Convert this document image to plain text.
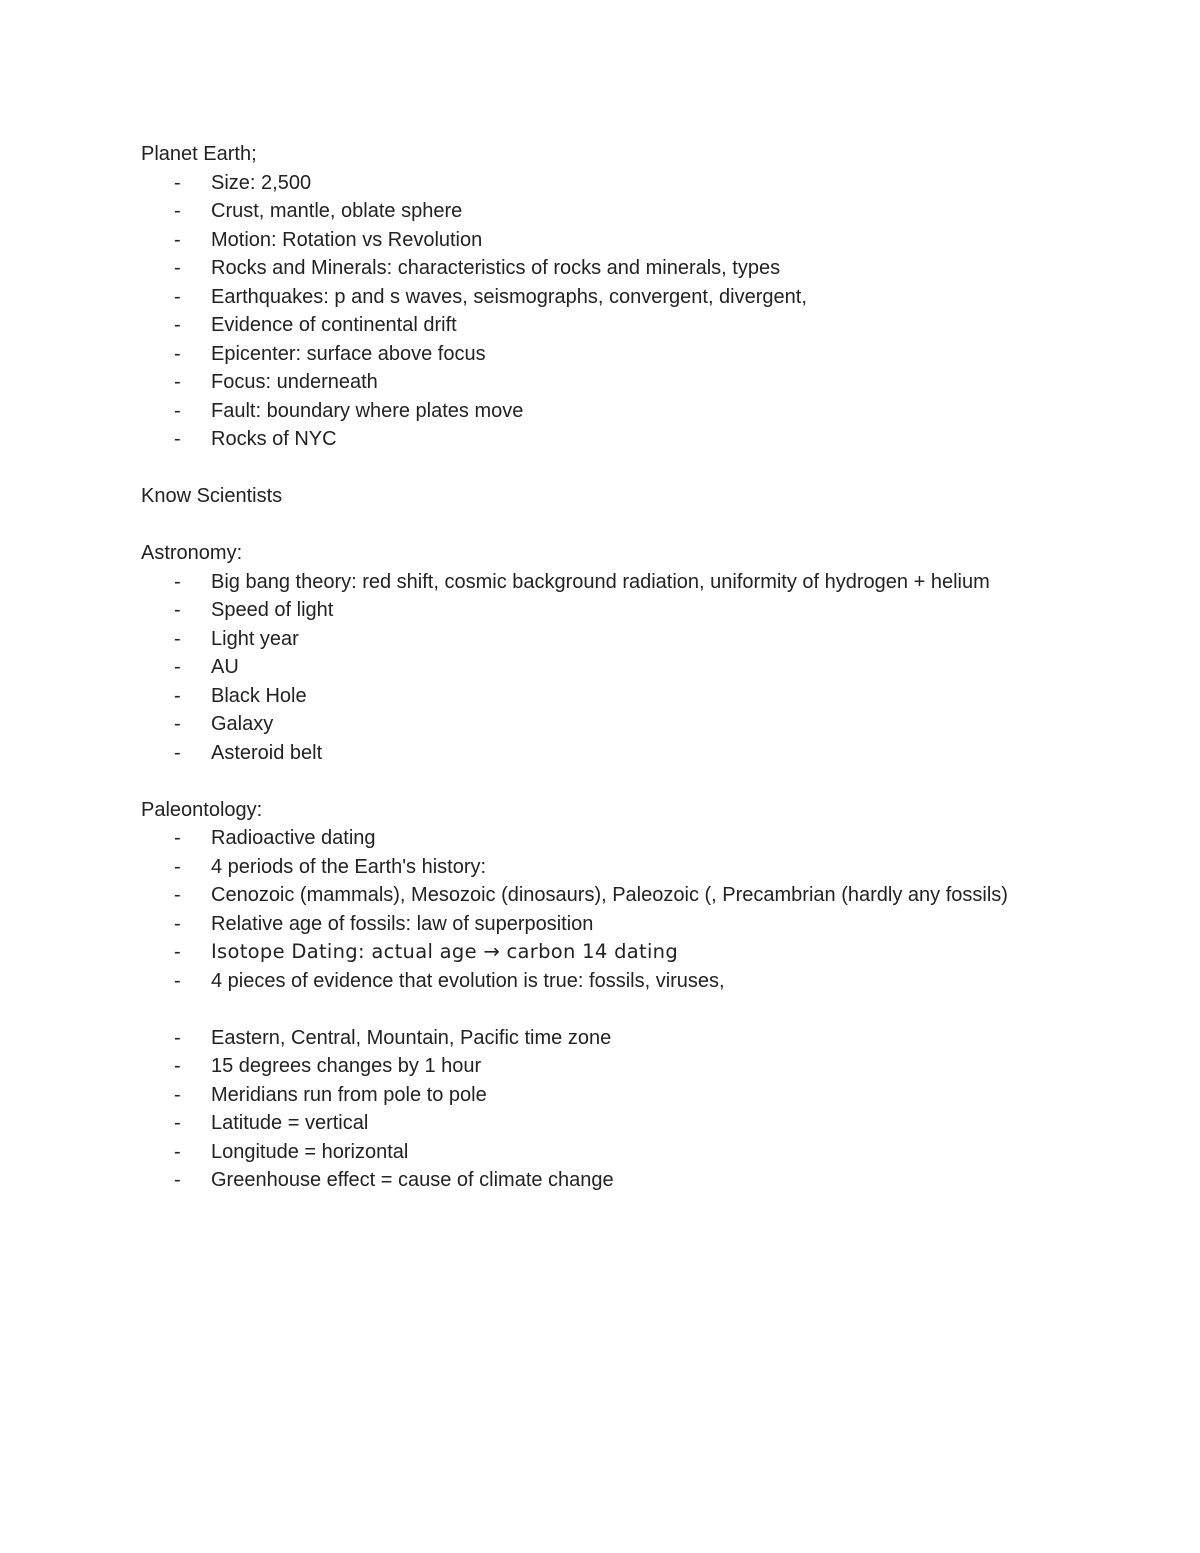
Planet Earth;
- Size: 2,500
- Crust, mantle, oblate sphere
- Motion: Rotation vs Revolution
- Rocks and Minerals: characteristics of rocks and minerals, types
- Earthquakes: p and s waves, seismographs, convergent, divergent,
- Evidence of continental drift
- Epicenter: surface above focus
- Focus: underneath
- Fault: boundary where plates move
- Rocks of NYC
Know Scientists
Astronomy:
- Big bang theory: red shift, cosmic background radiation, uniformity of hydrogen + helium
- Speed of light
- Light year
- AU
- Black Hole
- Galaxy
- Asteroid belt
Paleontology:
- Radioactive dating
- 4 periods of the Earth's history:
- Cenozoic (mammals), Mesozoic (dinosaurs), Paleozoic (, Precambrian (hardly any fossils)
- Relative age of fossils: law of superposition
- Isotope Dating: actual age → carbon 14 dating
- 4 pieces of evidence that evolution is true: fossils, viruses,
- Eastern, Central, Mountain, Pacific time zone
- 15 degrees changes by 1 hour
- Meridians run from pole to pole
- Latitude = vertical
- Longitude = horizontal
- Greenhouse effect = cause of climate change
